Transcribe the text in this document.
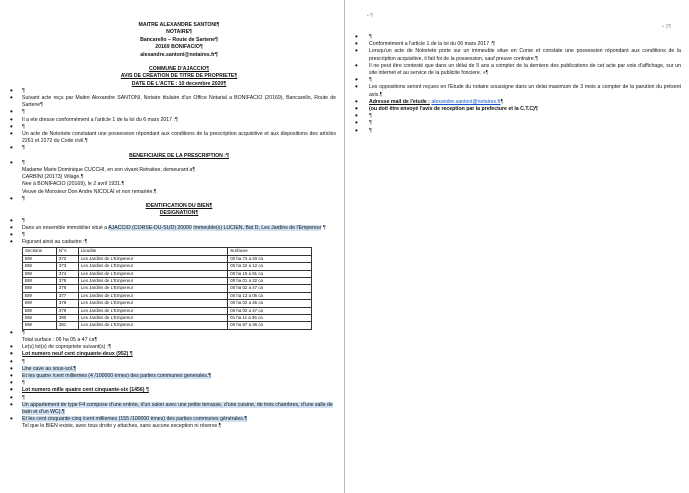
MAITRE ALEXANDRE SANTONI¶
NOTAIRE¶
Bancarello – Route de Sartene¶
20169 BONIFACIO¶
alexandre.santoni@notaires.fr¶

COMMUNE D'AJACCIO¶
AVIS DE CREATION DE TITRE DE PROPRIETE¶
DATE DE L'ACTE : 10 decembre 2020¶
• ¶
• Suivant acte reçu par Maitre Alexandre SANTONI, Notaire titulaire d'un Office Notarial a BONIFACIO (20169), Bancarello, Route de Sartene¶
• ¶
• Il a ete dresse conformément a l'article 1 de la loi du 6 mars 2017 :¶
• ¶
• Un acte de Notoriete constatant une possession répondant aux conditions de la prescription acquisitive et aux dispositions des articles 2261 et 2272 du Code civil.¶
• ¶
BENEFICIAIRE DE LA PRESCRIPTION :¶
• ¶
Madame Marie Dominique CUCCHI, en son vivant Retraitee, demeurant a¶
CARBINI (20173) Village.¶
Nee à BONIFACIO (20169), le 2 avril 1931.¶
Veuve de Monsieur Don Andre NICOLAI et non remariée.¶
• ¶
IDENTIFICATION DU BIEN¶
DESIGNATION¶
• ¶
• Dans un ensemble immobilier situé a AJACCIO (CORSE-DU-SUD) 20000 Immeuble(s) LUCIEN, Bat D, Les Jardins de l'Empereur ¶
• ¶
• Figurant ainsi au cadastre :¶
Sectione	N°A	Lieudite	Surfacee
BW	372	Les Jardins de L'Empereur	00 ha 73 a 40 ca
BW	373	Les Jardins de L'Empereur	00 ha 22 a 12 ca
BW	374	Les Jardins de L'Empereur	00 ha 15 a 91 ca
BW	375	Les Jardins de L'Empereur	00 ha 01 a 32 ca
BW	376	Les Jardins de L'Empereur	00 ha 02 a 47 ca
BW	377	Les Jardins de L'Empereur	00 ha 13 a 05 ca
BW	378	Les Jardins de L'Empereur	00 ha 02 a 45 ca
BW	379	Les Jardins de L'Empereur	00 ha 02 a 47 ca
BW	380	Les Jardins de L'Empereur	01 ha 11 a 36 ca
BW	381	Les Jardins de L'Empereur	00 ha 87 a 36 ca
• ¶
Total surface : 06 ha 05 a 47 ca¶
• Le(s) lot(s) de copropriete suivant(s) :¶
• Lot numero neuf cent cinquante-deux (952) ¶
• ¶
• Une cave au sous-sol.¶
• Et les quatre /cent milliemes (4 /100000 èmes) des parties communes generales.¶
• ¶
• Lot numero mille quatre cent cinquante-six (1456) ¶
• ¶
• Un appartement de type F4 compose d'une entrée, d'un salon avec une petite terrasse, d'une cuisine, de trois chambres, d'une salle de bain et d'un WC).¶
• Et les cent cinquante-cinq /cent milliemes (155 /100000 èmes) des parties communes générales.¶
Tel que le BIEN existe, avec tous droits y attaches, sans aucune exception ni réserve.¶
• ¶
• 2¶
• ¶
• Conformément a l'article 1 de la loi du 06 mars 2017 :¶
• Lorsqu'un acte de Notoriete porte sur un immeuble situe en Corse et constate une possession répondant aux conditions de la prescription acquisitive, il fait foi de la possession, sauf preuve contraire.¶
• Il ne peut être contesté que dans un délai de 5 ans a compter de la derniere des publications de cet acte par voie d'affichage, sur un site internet et au service de la publicite fonciere. »¶
• ¶
• Les oppositions seront reçues en l'Etude du notaire soussigne dans un delai maximum de 3 mois a compter de la parution du présent avis.¶
• Adresse mail de l'etude : alexandre.santoni@notaires.fr¶
• (ou doit être envoyé l'avis de reception par la prefecture et la C.T.C)¶
• ¶
• ¶
• ¶
